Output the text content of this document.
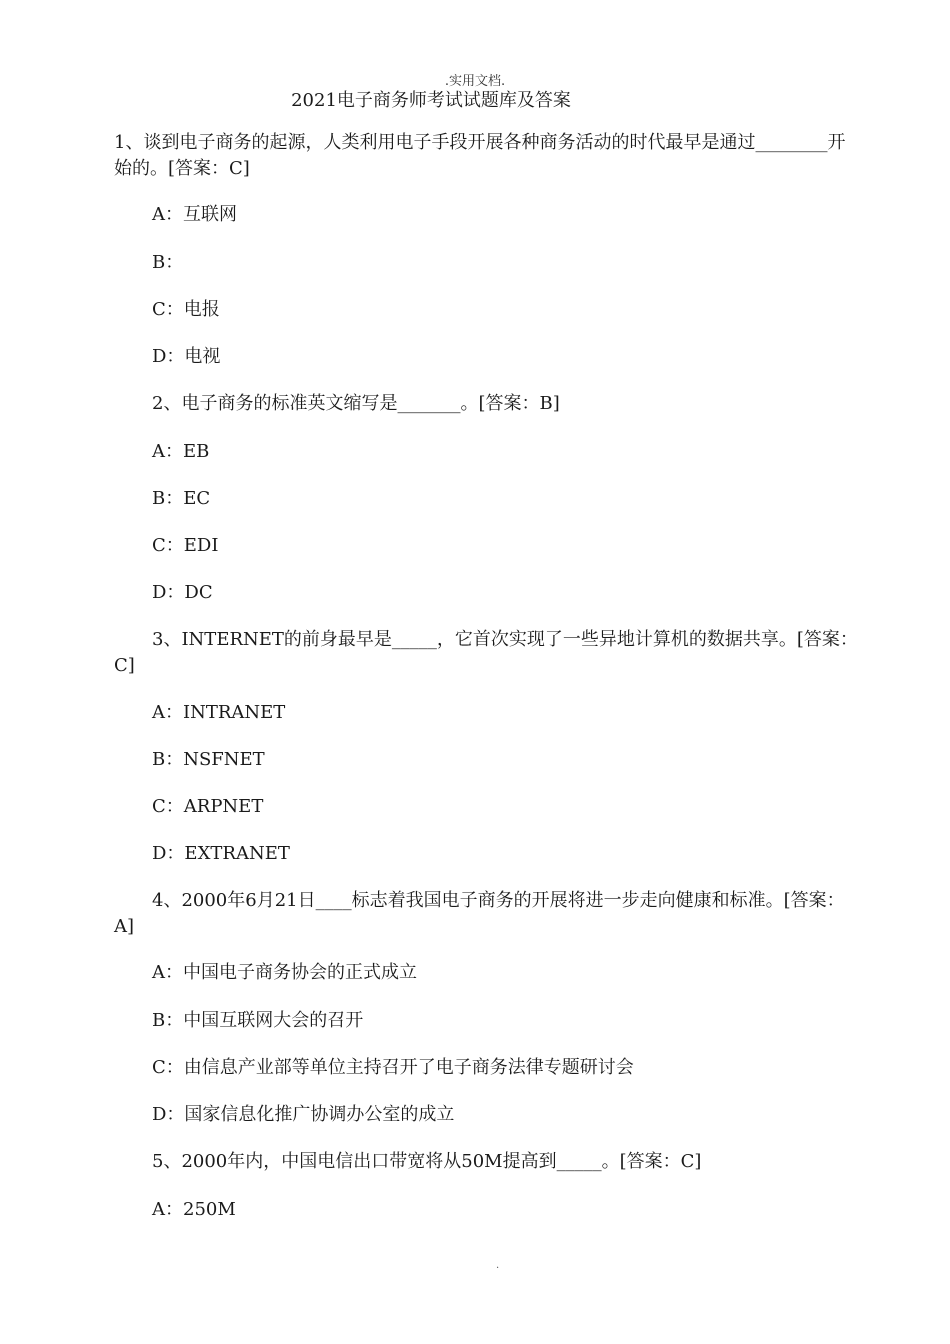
.实用文档.
2021电子商务师考试试题库及答案
1、谈到电子商务的起源，人类利用电子手段开展各种商务活动的时代最早是通过________开
始的。[答案：C]
A：互联网
B：
C：电报
D：电视
2、电子商务的标准英文缩写是_______。[答案：B]
A：EB
B：EC
C：EDI
D：DC
3、INTERNET的前身最早是_____，它首次实现了一些异地计算机的数据共享。[答案：
C]
A：INTRANET
B：NSFNET
C：ARPNET
D：EXTRANET
4、2000年6月21日____标志着我国电子商务的开展将进一步走向健康和标准。[答案：
A]
A：中国电子商务协会的正式成立
B：中国互联网大会的召开
C：由信息产业部等单位主持召开了电子商务法律专题研讨会
D：国家信息化推广协调办公室的成立
5、2000年内，中国电信出口带宽将从50M提高到_____。[答案：C]
A：250M
.
